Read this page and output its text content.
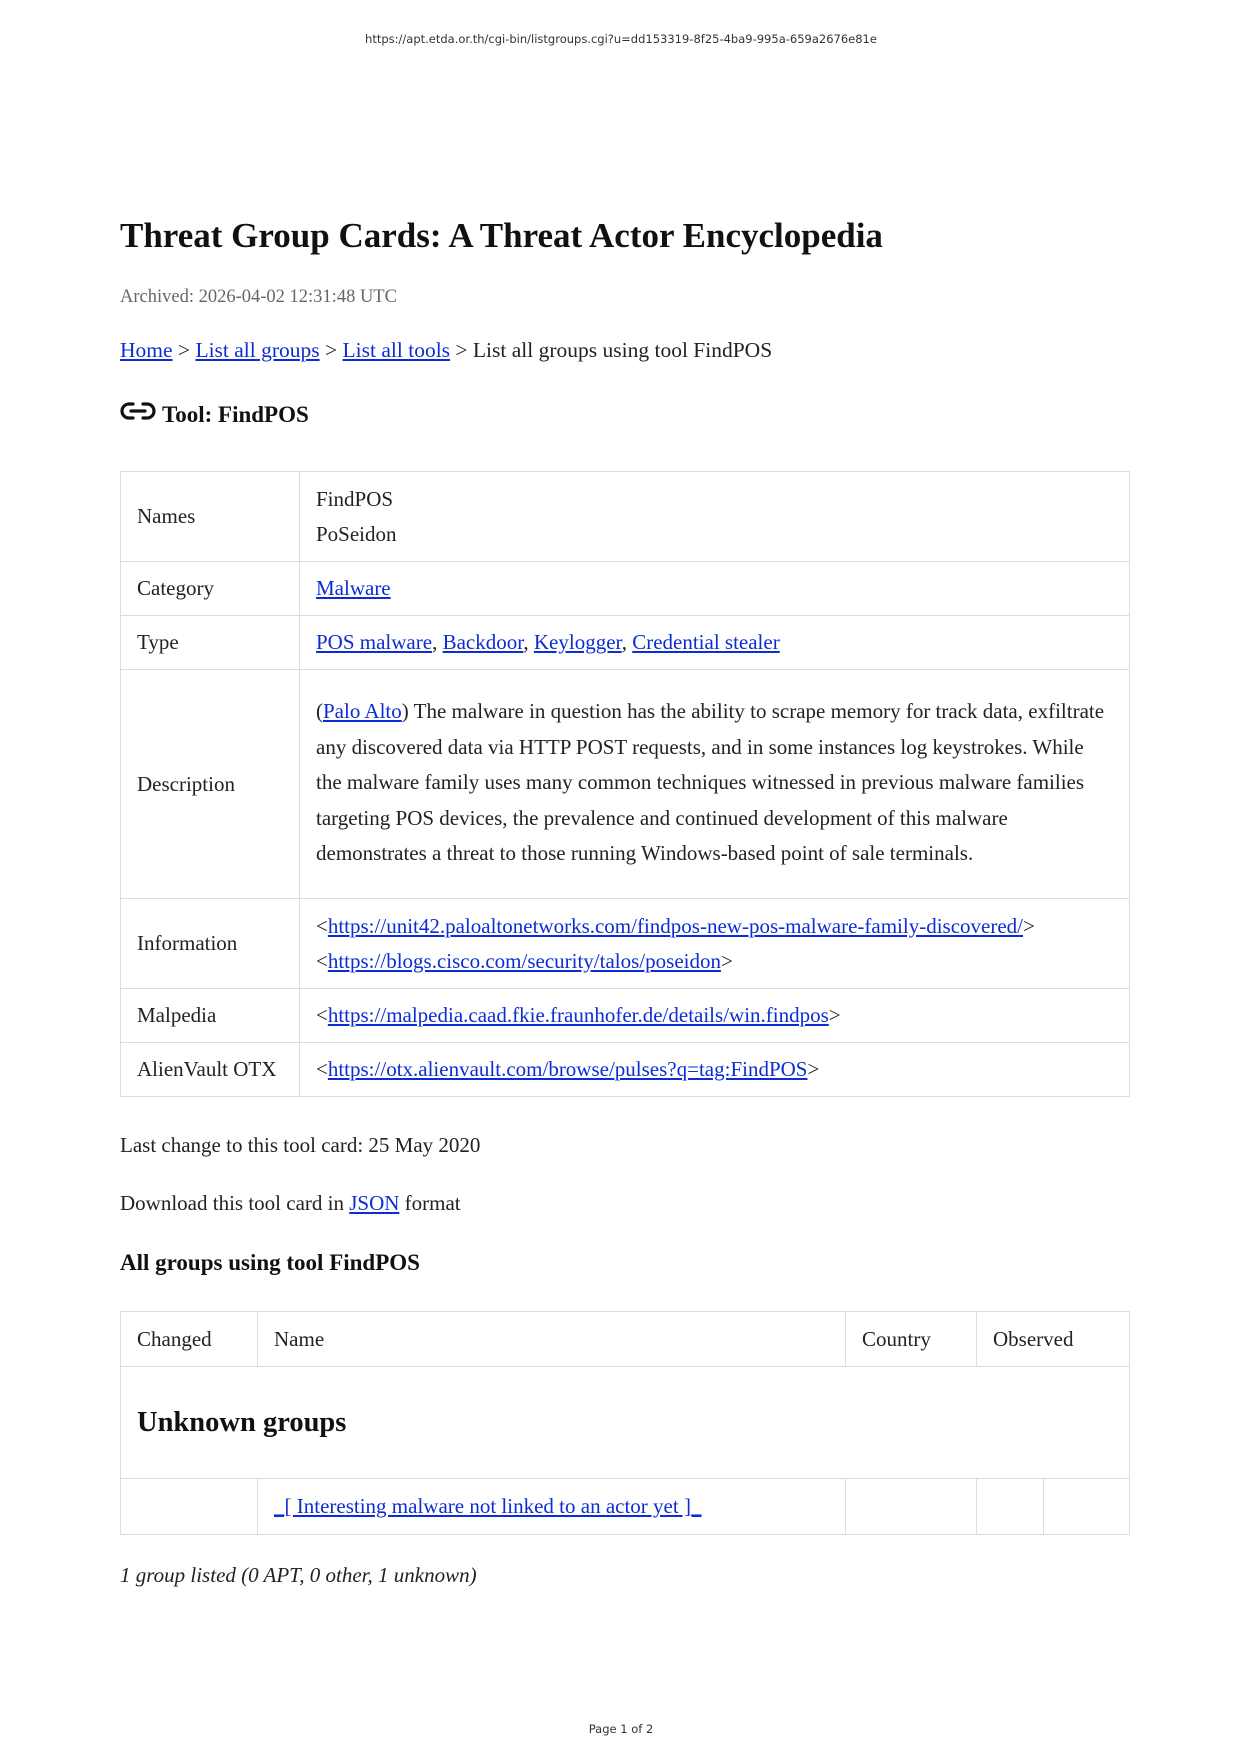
https://apt.etda.or.th/cgi-bin/listgroups.cgi?u=dd153319-8f25-4ba9-995a-659a2676e81e
Threat Group Cards: A Threat Actor Encyclopedia
Archived: 2026-04-02 12:31:48 UTC
Home > List all groups > List all tools > List all groups using tool FindPOS
Tool: FindPOS
Names	FindPOS
PoSeidon

Category	Malware
Type	POS malware, Backdoor, Keylogger, Credential stealer
Description	(Palo Alto) The malware in question has the ability to scrape memory for track data, exfiltrate any discovered data via HTTP POST requests, and in some instances log keystrokes. While the malware family uses many common techniques witnessed in previous malware families targeting POS devices, the prevalence and continued development of this malware demonstrates a threat to those running Windows-based point of sale terminals.
Information	<https://unit42.paloaltonetworks.com/findpos-new-pos-malware-family-discovered/>
<https://blogs.cisco.com/security/talos/poseidon>

Malpedia	<https://malpedia.caad.fkie.fraunhofer.de/details/win.findpos>
AlienVault OTX	<https://otx.alienvault.com/browse/pulses?q=tag:FindPOS>
Last change to this tool card: 25 May 2020
Download this tool card in JSON format
All groups using tool FindPOS
Changed	Name	Country	Observed	
Unknown groups				
	_[ Interesting malware not linked to an actor yet ]_			
1 group listed (0 APT, 0 other, 1 unknown)
Page 1 of 2
